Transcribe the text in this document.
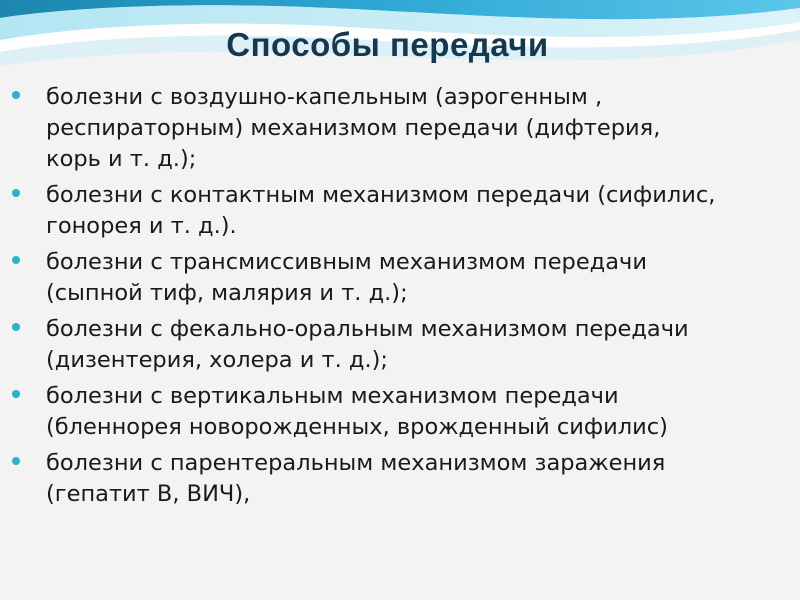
Способы передачи
болезни с воздушно-капельным (аэрогенным ,
респираторным) механизмом передачи (дифтерия,
корь и т. д.);
болезни с контактным механизмом передачи (сифилис,
гонорея и т. д.).
болезни с трансмиссивным механизмом передачи
(сыпной тиф, малярия и т. д.);
болезни с фекально-оральным механизмом передачи
(дизентерия, холера и т. д.);
болезни с вертикальным механизмом передачи
(бленнорея новорожденных, врожденный сифилис)
болезни с парентеральным механизмом заражения
(гепатит В, ВИЧ),
